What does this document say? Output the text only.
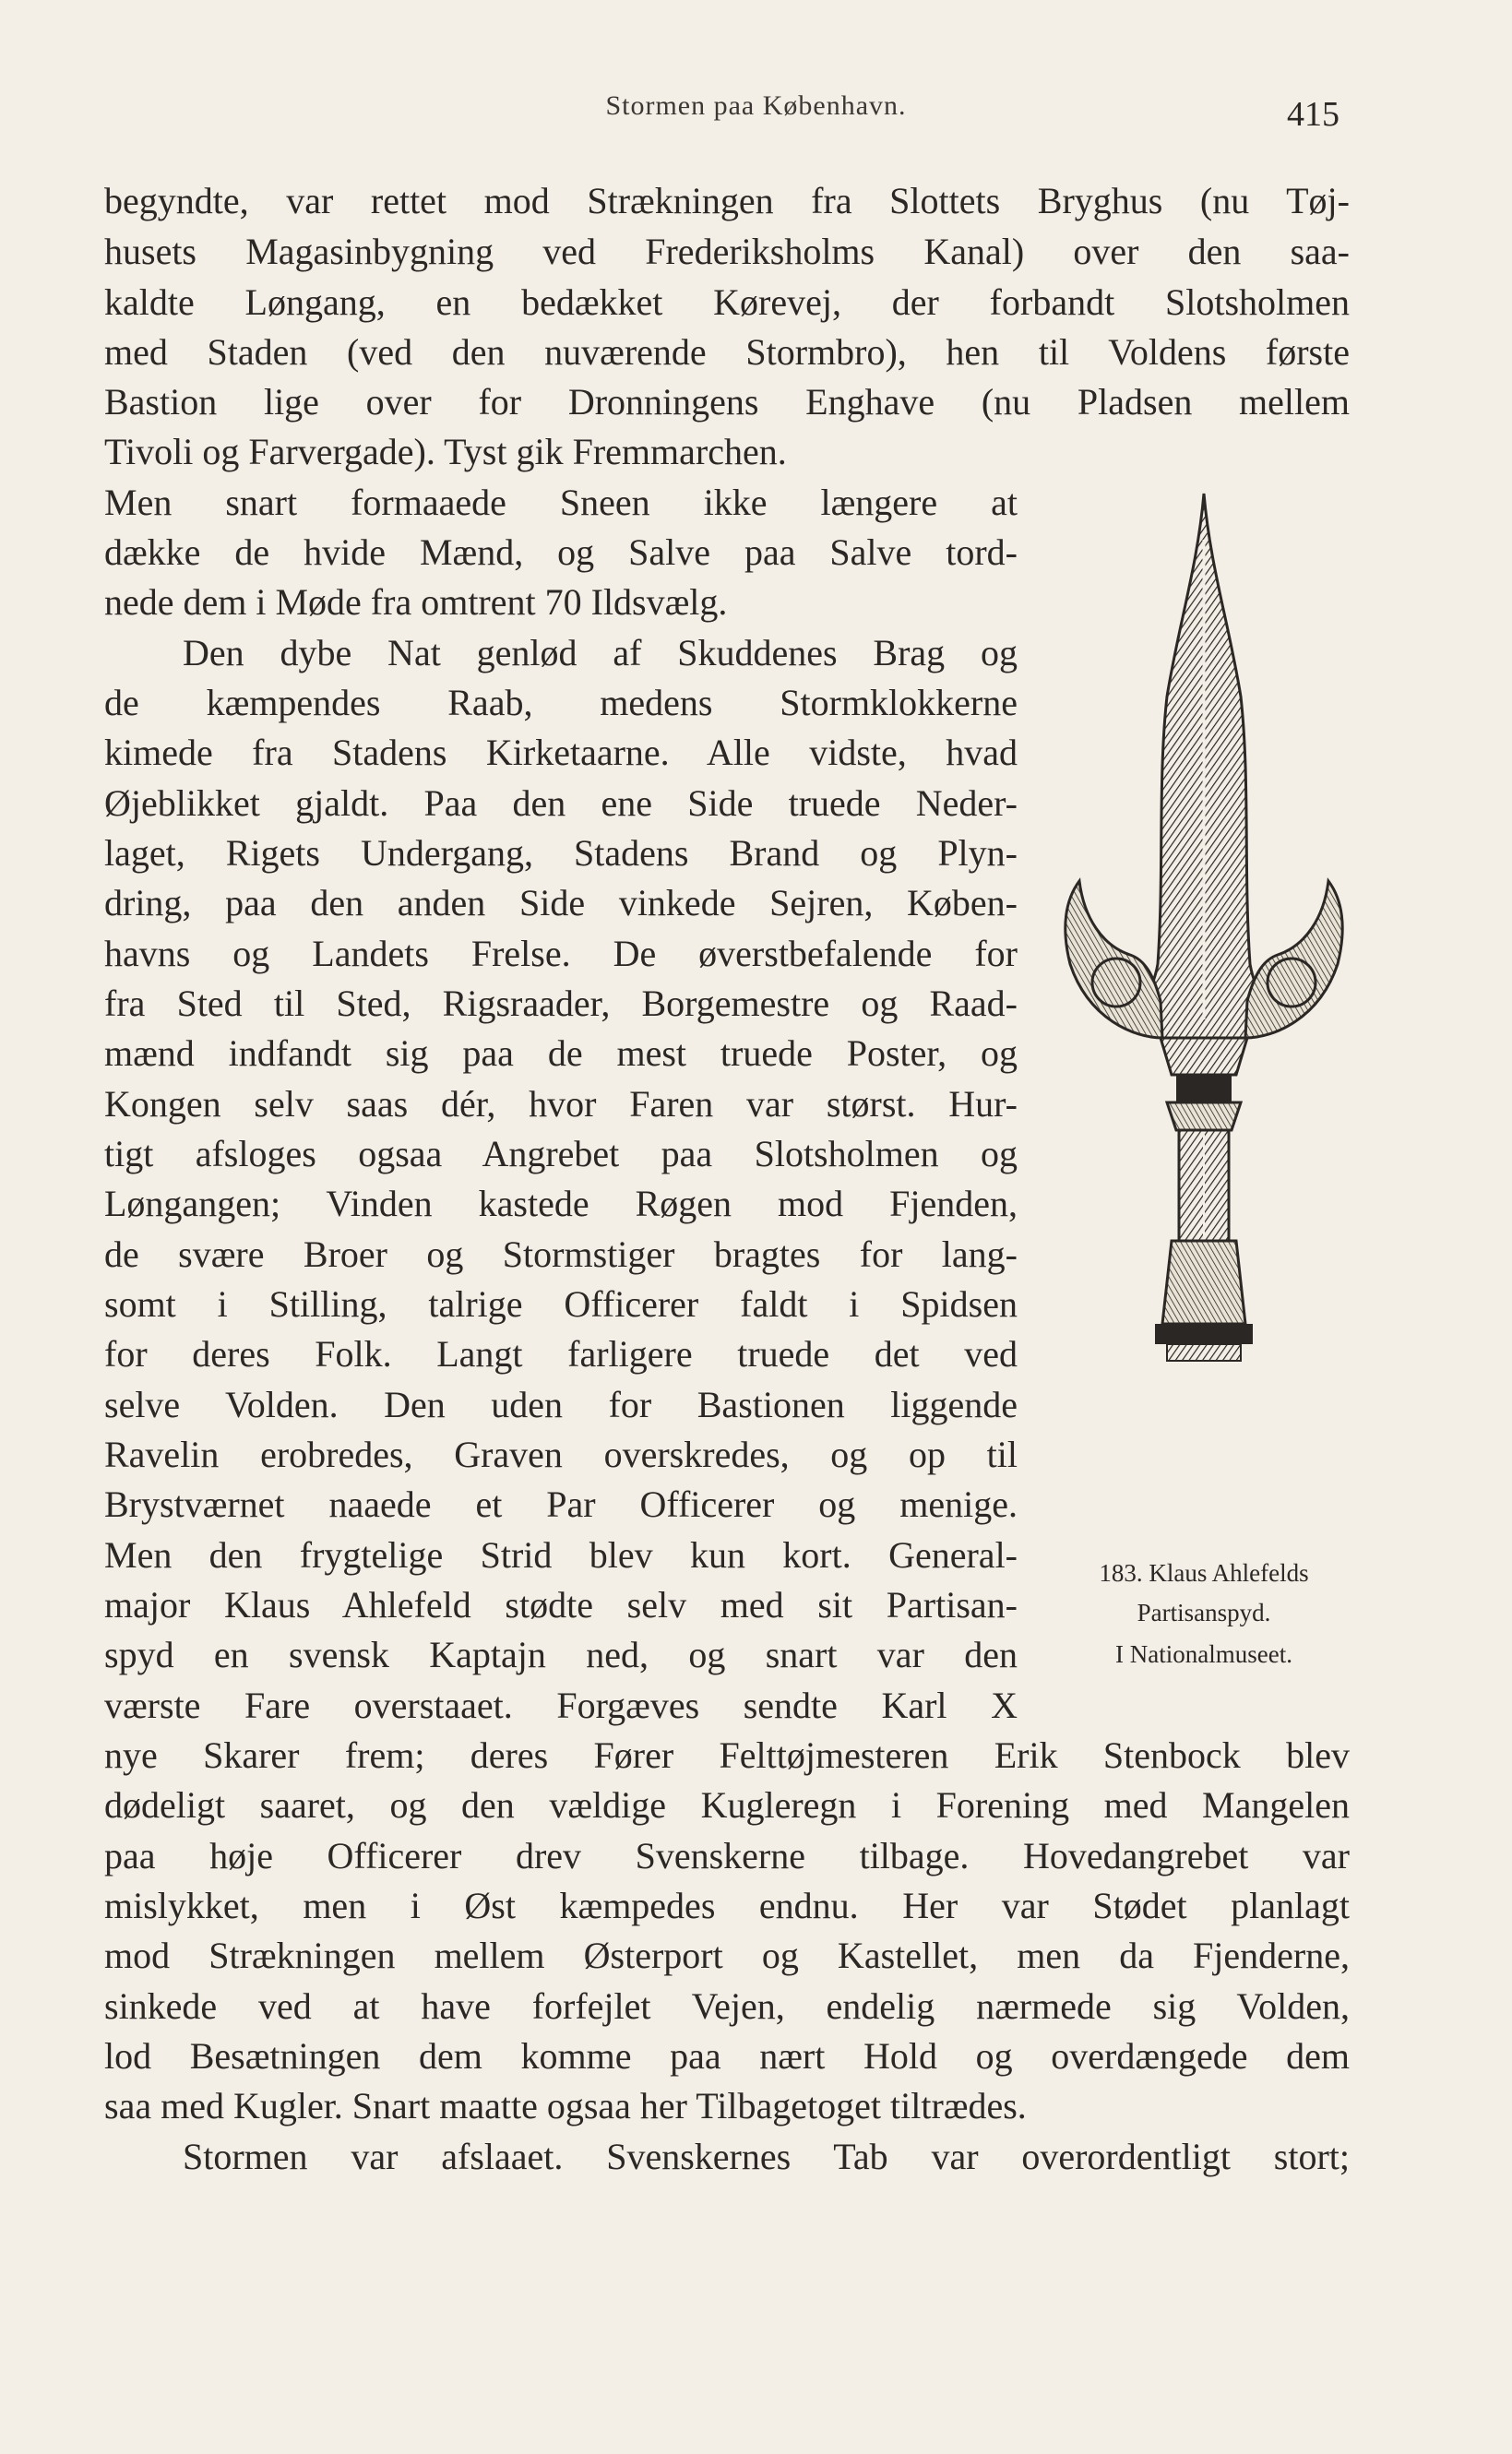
Stormen paa København.	415
begyndte, var rettet mod Strækningen fra Slottets Bryghus (nu Tøj-
husets Magasinbygning ved Frederiksholms Kanal) over den saa-
kaldte Løngang, en bedækket Kørevej, der forbandt Slotsholmen
med Staden (ved den nuværende Stormbro), hen til Voldens første
Bastion lige over for Dronningens Enghave (nu Pladsen mellem
Tivoli og Farvergade). Tyst gik Fremmarchen.
Men snart formaaede Sneen ikke længere at
dække de hvide Mænd, og Salve paa Salve tord-
nede dem i Møde fra omtrent 70 Ildsvælg.
Den dybe Nat genlød af Skuddenes Brag og
de kæmpendes Raab, medens Stormklokkerne
kimede fra Stadens Kirketaarne. Alle vidste, hvad
Øjeblikket gjaldt. Paa den ene Side truede Neder-
laget, Rigets Undergang, Stadens Brand og Plyn-
dring, paa den anden Side vinkede Sejren, Køben-
havns og Landets Frelse. De øverstbefalende for
fra Sted til Sted, Rigsraader, Borgemestre og Raad-
mænd indfandt sig paa de mest truede Poster, og
Kongen selv saas dér, hvor Faren var størst. Hur-
tigt afsloges ogsaa Angrebet paa Slotsholmen og
Løngangen; Vinden kastede Røgen mod Fjenden,
de svære Broer og Stormstiger bragtes for lang-
somt i Stilling, talrige Officerer faldt i Spidsen
for deres Folk. Langt farligere truede det ved
selve Volden. Den uden for Bastionen liggende
Ravelin erobredes, Graven overskredes, og op til
Brystværnet naaede et Par Officerer og menige.
Men den frygtelige Strid blev kun kort. General-
major Klaus Ahlefeld stødte selv med sit Partisan-
spyd en svensk Kaptajn ned, og snart var den
værste Fare overstaaet. Forgæves sendte Karl X
nye Skarer frem; deres Fører Felttøjmesteren Erik Stenbock blev
dødeligt saaret, og den vældige Kugleregn i Forening med Mangelen
paa høje Officerer drev Svenskerne tilbage. Hovedangrebet var
mislykket, men i Øst kæmpedes endnu. Her var Stødet planlagt
mod Strækningen mellem Østerport og Kastellet, men da Fjenderne,
sinkede ved at have forfejlet Vejen, endelig nærmede sig Volden,
lod Besætningen dem komme paa nært Hold og overdængede dem
saa med Kugler. Snart maatte ogsaa her Tilbagetoget tiltrædes.
Stormen var afslaaet. Svenskernes Tab var overordentligt stort;
183. Klaus Ahlefelds
Partisanspyd.
I Nationalmuseet.
